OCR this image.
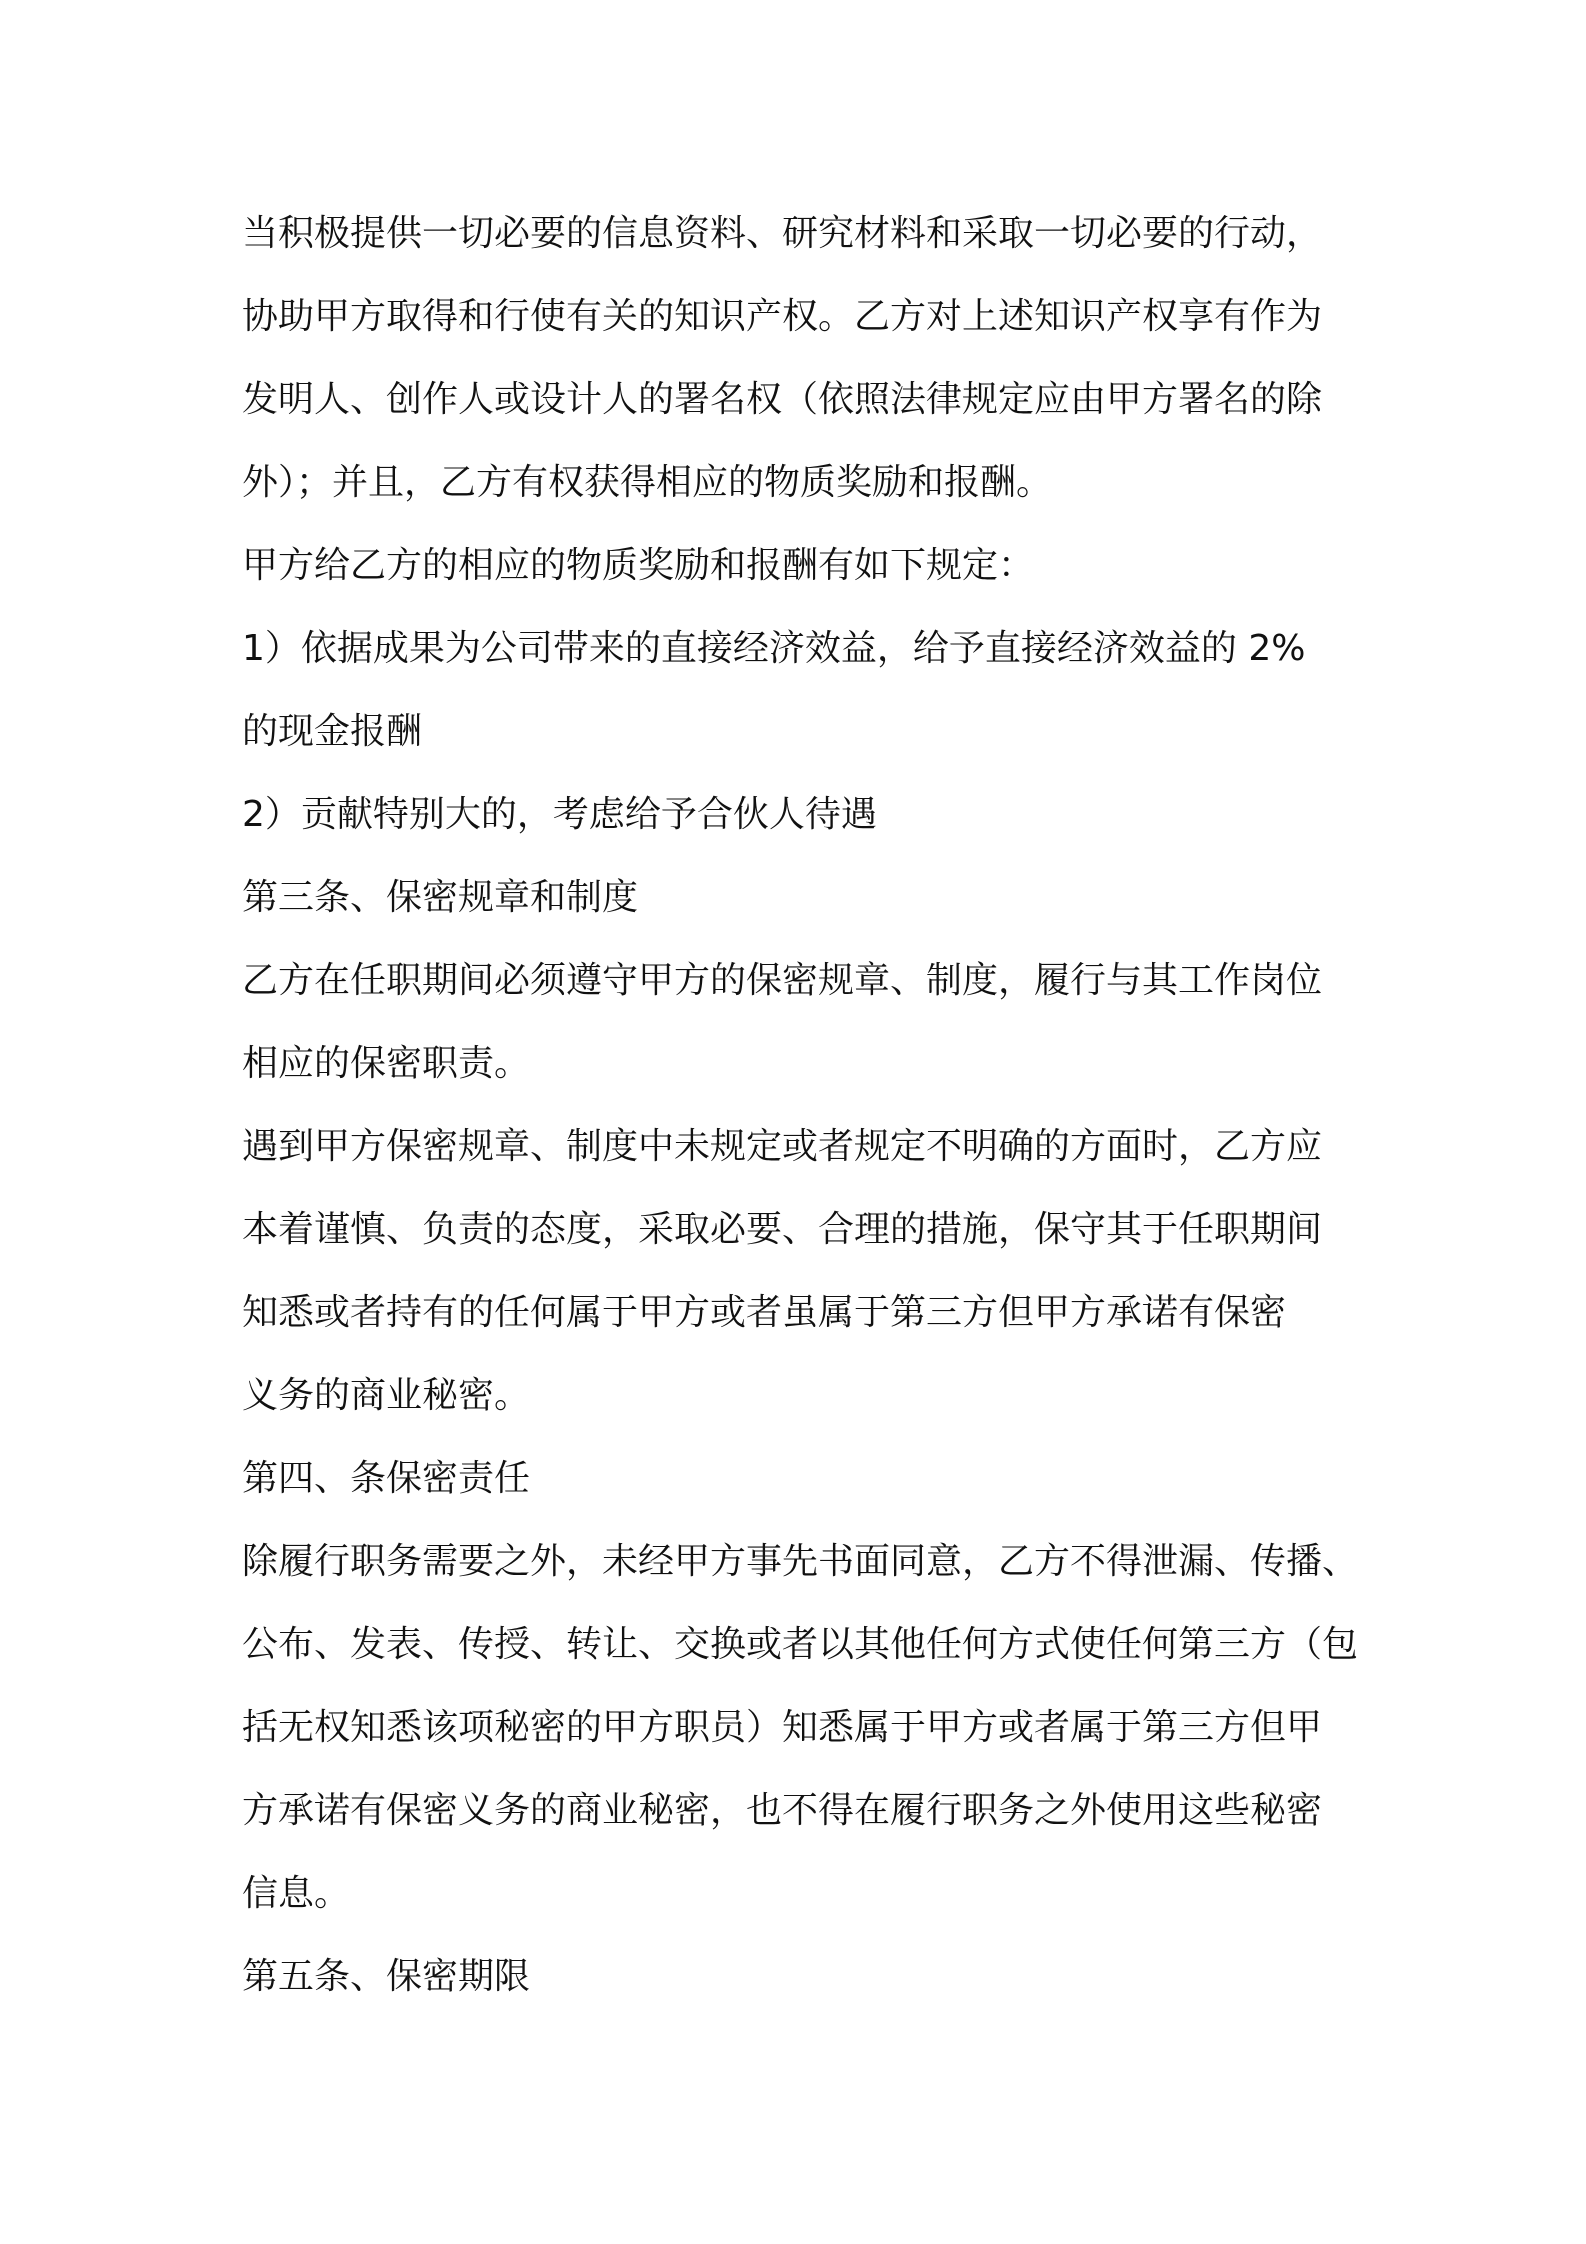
当积极提供一切必要的信息资料、研究材料和采取一切必要的行动，
协助甲方取得和行使有关的知识产权。乙方对上述知识产权享有作为
发明人、创作人或设计人的署名权（依照法律规定应由甲方署名的除
外）；并且，乙方有权获得相应的物质奖励和报酬。
甲方给乙方的相应的物质奖励和报酬有如下规定：
1）依据成果为公司带来的直接经济效益，给予直接经济效益的 2%
的现金报酬
2）贡献特别大的，考虑给予合伙人待遇
第三条、保密规章和制度
乙方在任职期间必须遵守甲方的保密规章、制度，履行与其工作岗位
相应的保密职责。
遇到甲方保密规章、制度中未规定或者规定不明确的方面时，乙方应
本着谨慎、负责的态度，采取必要、合理的措施，保守其于任职期间
知悉或者持有的任何属于甲方或者虽属于第三方但甲方承诺有保密
义务的商业秘密。
第四、条保密责任
除履行职务需要之外，未经甲方事先书面同意，乙方不得泄漏、传播、
公布、发表、传授、转让、交换或者以其他任何方式使任何第三方（包
括无权知悉该项秘密的甲方职员）知悉属于甲方或者属于第三方但甲
方承诺有保密义务的商业秘密，也不得在履行职务之外使用这些秘密
信息。
第五条、保密期限
